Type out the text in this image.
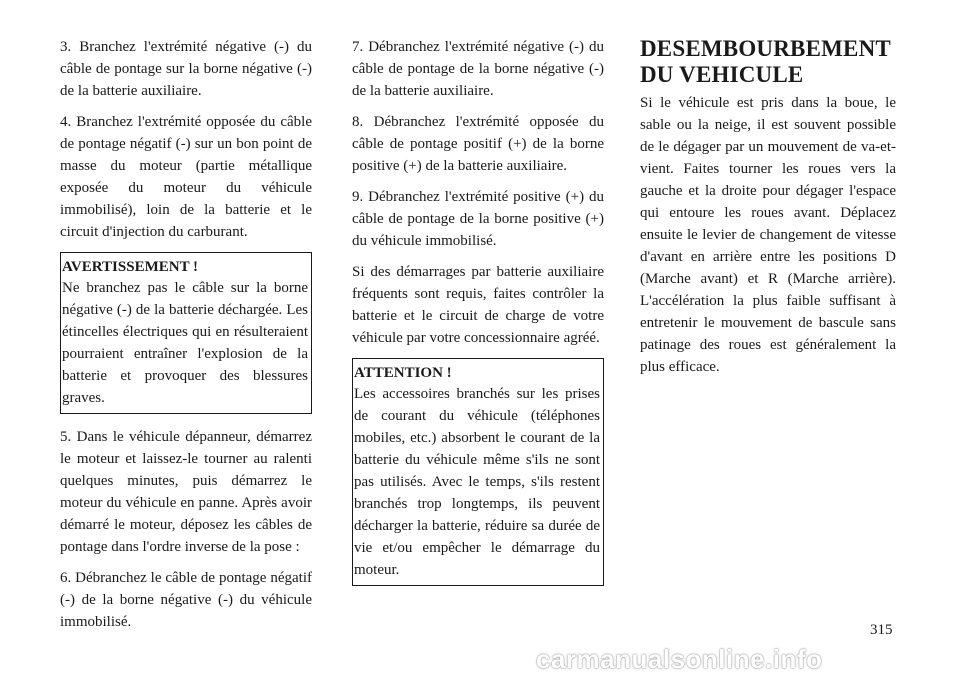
3. Branchez l'extrémité négative (-) du câble de pontage sur la borne négative (-) de la batterie auxiliaire.

4. Branchez l'extrémité opposée du câble de pontage négatif (-) sur un bon point de masse du moteur (partie métallique exposée du moteur du véhicule immobilisé), loin de la batterie et le circuit d'injection du carburant.

AVERTISSEMENT !

Ne branchez pas le câble sur la borne négative (-) de la batterie déchargée. Les étincelles électriques qui en résulteraient pourraient entraîner l'explosion de la batterie et provoquer des blessures graves.

5. Dans le véhicule dépanneur, démarrez le moteur et laissez-le tourner au ralenti quelques minutes, puis démarrez le moteur du véhicule en panne. Après avoir démarré le moteur, déposez les câbles de pontage dans l'ordre inverse de la pose :

6. Débranchez le câble de pontage négatif (-) de la borne négative (-) du véhicule immobilisé.

7. Débranchez l'extrémité négative (-) du câble de pontage de la borne négative (-) de la batterie auxiliaire.

8. Débranchez l'extrémité opposée du câble de pontage positif (+) de la borne positive (+) de la batterie auxiliaire.

9. Débranchez l'extrémité positive (+) du câble de pontage de la borne positive (+) du véhicule immobilisé.

Si des démarrages par batterie auxiliaire fréquents sont requis, faites contrôler la batterie et le circuit de charge de votre véhicule par votre concessionnaire agréé.

ATTENTION !

Les accessoires branchés sur les prises de courant du véhicule (téléphones mobiles, etc.) absorbent le courant de la batterie du véhicule même s'ils ne sont pas utilisés. Avec le temps, s'ils restent branchés trop longtemps, ils peuvent décharger la batterie, réduire sa durée de vie et/ou empêcher le démarrage du moteur.

DESEMBOURBEMENT
DU VEHICULE

Si le véhicule est pris dans la boue, le sable ou la neige, il est souvent possible de le dégager par un mouvement de va-et-vient. Faites tourner les roues vers la gauche et la droite pour dégager l'espace qui entoure les roues avant. Déplacez ensuite le levier de changement de vitesse d'avant en arrière entre les positions D (Marche avant) et R (Marche arrière). L'accélération la plus faible suffisant à entretenir le mouvement de bascule sans patinage des roues est généralement la plus efficace.

315
carmanualsonline.info
